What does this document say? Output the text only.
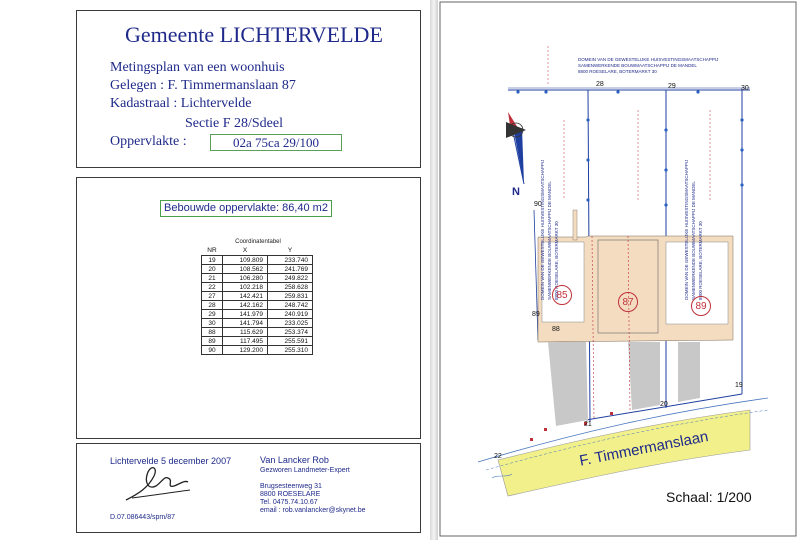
Gemeente LICHTERVELDE
Metingsplan van een woonhuis
Gelegen : F. Timmermanslaan 87
Kadastraal : Lichtervelde
Sectie F 28/Sdeel
Oppervlakte :	02a 75ca 29/100
Bebouwde oppervlakte: 86,40 m2
Coordinatentabel
NR	X	Y
19	109.809	233.740
20	108.562	241.769
21	106.280	249.822
22	102.218	258.628
27	142.421	259.831
28	142.162	248.742
29	141.979	240.919
30	141.794	233.025
88	115.629	253.374
89	117.495	255.591
90	129.200	255.310
Lichtervelde 5 december 2007
D.07.086443/spm/87
Van Lancker Rob
Gezworen Landmeter-Expert
Brugsesteenweg 31
8800 ROESELARE
Tel. 0475.74.10.67
email : rob.vanlancker@skynet.be
DOMEIN VAN DE GEWESTELIJKE HUISVESTINGSMAATSCHAPPIJ
SAMENWERKENDE BOUWMAATSCHAPPIJ DE MANDEL
8800 ROESELARE, BOTERMARKT 30
DOMEIN VAN DE GEWESTELIJKE HUISVESTINGSMAATSCHAPPIJ SAMENWERKENDE BOUWMAATSCHAPPIJ DE MANDEL 8800 ROESELARE, BOTERMARKT 30	DOMEIN VAN DE GEWESTELIJKE HUISVESTINGSMAATSCHAPPIJ SAMENWERKENDE BOUWMAATSCHAPPIJ DE MANDEL 8800 ROESELARE, BOTERMARKT 30
28	29	30
90
89
88
21
20
19
22
85
87	89
N
F. Timmermanslaan
Schaal: 1/200
